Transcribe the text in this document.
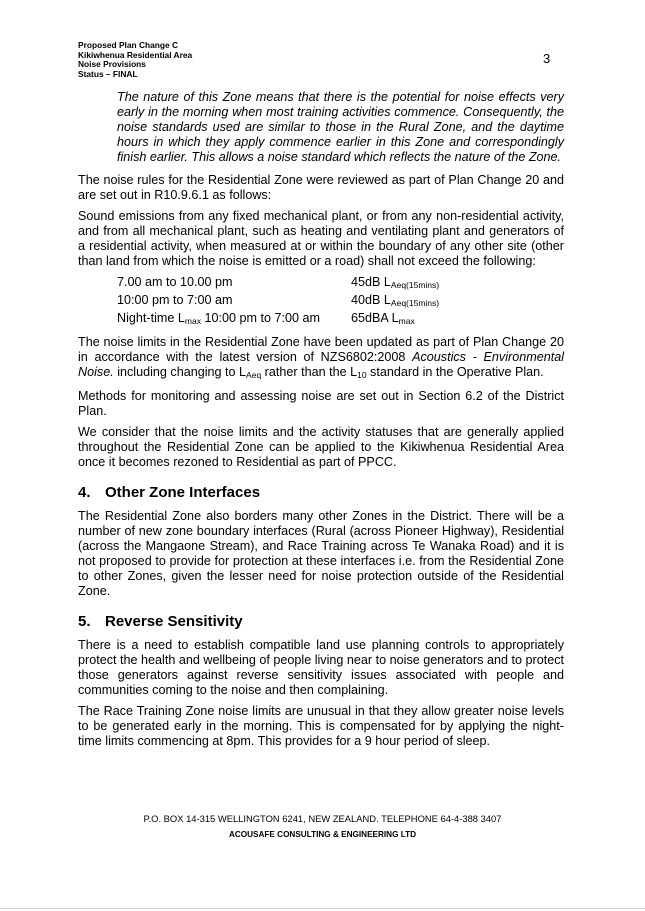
Proposed Plan Change C
Kikiwhenua Residential Area
Noise Provisions
Status – FINAL
3

The nature of this Zone means that there is the potential for noise effects very early in the morning when most training activities commence. Consequently, the noise standards used are similar to those in the Rural Zone, and the daytime hours in which they apply commence earlier in this Zone and correspondingly finish earlier. This allows a noise standard which reflects the nature of the Zone.

The noise rules for the Residential Zone were reviewed as part of Plan Change 20 and are set out in R10.9.6.1 as follows:

Sound emissions from any fixed mechanical plant, or from any non-residential activity, and from all mechanical plant, such as heating and ventilating plant and generators of a residential activity, when measured at or within the boundary of any other site (other than land from which the noise is emitted or a road) shall not exceed the following:

7.00 am to 10.00 pm	45dB $L_{Aeq(15mins)}$
10:00 pm to 7:00 am	40dB $L_{Aeq(15mins)}$
Night-time $L_{max}$ 10:00 pm to 7:00 am	65dBA $L_{max}$

The noise limits in the Residential Zone have been updated as part of Plan Change 20 in accordance with the latest version of NZS6802:2008 Acoustics - Environmental Noise. including changing to $L_{Aeq}$ rather than the $L_{10}$ standard in the Operative Plan.

Methods for monitoring and assessing noise are set out in Section 6.2 of the District Plan.

We consider that the noise limits and the activity statuses that are generally applied throughout the Residential Zone can be applied to the Kikiwhenua Residential Area once it becomes rezoned to Residential as part of PPCC.

4. Other Zone Interfaces

The Residential Zone also borders many other Zones in the District. There will be a number of new zone boundary interfaces (Rural (across Pioneer Highway), Residential (across the Mangaone Stream), and Race Training across Te Wanaka Road) and it is not proposed to provide for protection at these interfaces i.e. from the Residential Zone to other Zones, given the lesser need for noise protection outside of the Residential Zone.

5. Reverse Sensitivity

There is a need to establish compatible land use planning controls to appropriately protect the health and wellbeing of people living near to noise generators and to protect those generators against reverse sensitivity issues associated with people and communities coming to the noise and then complaining.

The Race Training Zone noise limits are unusual in that they allow greater noise levels to be generated early in the morning. This is compensated for by applying the night-time limits commencing at 8pm. This provides for a 9 hour period of sleep.

P.O. BOX 14-315 WELLINGTON 6241, NEW ZEALAND. TELEPHONE 64-4-388 3407
ACOUSAFE CONSULTING & ENGINEERING LTD
